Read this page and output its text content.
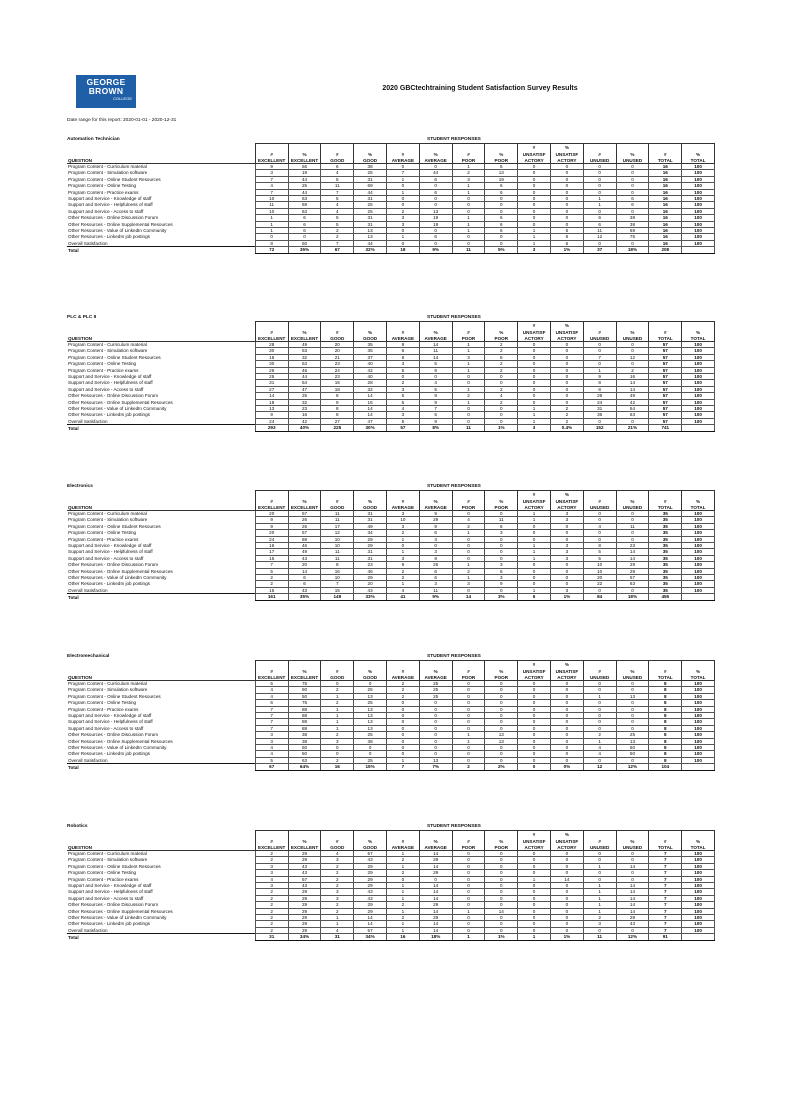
GEORGE
BROWN
COLLEGE
2020 GBCtechtraining Student Satisfaction Survey Results
Date range for this report: 2020-01-01 - 2020-12-31
Automation Technician	STUDENT RESPONSES
									#	%				
	#	%	#	%	#	%	#	%	UNSATISF	UNSATISF	#	%	#	%
QUESTION	EXCELLENT	EXCELLENT	GOOD	GOOD	AVERAGE	AVERAGE	POOR	POOR	ACTORY	ACTORY	UNUSED	UNUSED	TOTAL	TOTAL
Program Content - Curriculum material	9	56	6	38	0	0	1	6	0	0	0	0	16	100
Program Content - Simulation software	3	19	4	25	7	44	2	13	0	0	0	0	16	100
Program Content - Online Student Resources	7	44	5	31	1	6	3	19	0	0	0	0	16	100
Program Content - Online Testing	4	25	11	69	0	0	1	6	0	0	0	0	16	100
Program Content - Practice exams	7	44	7	44	1	6	1	6	0	0	0	0	16	100
Support and Service - Knowledge of staff	10	63	5	31	0	0	0	0	0	0	1	6	16	100
Support and Service - Helpfulness of staff	11	69	4	25	0	0	0	0	0	0	1	6	16	100
Support and Service - Access to staff	10	63	4	25	2	13	0	0	0	0	0	0	16	100
Other Resources - Online Discussion Forum	1	6	5	31	3	19	1	6	0	0	6	38	16	100
Other Resources - Online Supplemental Resources	1	6	5	31	3	19	1	6	0	0	6	38	16	100
Other Resources - Value of LinkedIn Community	1	6	2	13	0	0	1	6	1	6	11	69	16	100
Other Resources - LinkedIn job postings	0	0	2	13	1	6	0	0	1	6	12	75	16	100
Overall Satisfaction	8	50	7	44	0	0	0	0	1	6	0	0	16	100
Total	72	35%	67	32%	18	9%	11	5%	3	1%	37	18%	208	
PLC & PLC II	STUDENT RESPONSES
									#	%				
	#	%	#	%	#	%	#	%	UNSATISF	UNSATISF	#	%	#	%
QUESTION	EXCELLENT	EXCELLENT	GOOD	GOOD	AVERAGE	AVERAGE	POOR	POOR	ACTORY	ACTORY	UNUSED	UNUSED	TOTAL	TOTAL
Program Content - Curriculum material	28	49	20	35	8	14	1	2	0	0	0	0	57	100
Program Content - Simulation software	30	53	20	35	6	11	1	2	0	0	0	0	57	100
Program Content - Online Student Resources	18	32	21	37	8	14	3	5	0	0	7	12	57	100
Program Content - Online Testing	30	53	23	40	3	5	1	2	0	0	0	0	57	100
Program Content - Practice exams	26	46	24	42	5	9	1	2	0	0	1	2	57	100
Support and Service - Knowledge of staff	25	44	23	40	0	0	0	0	0	0	9	16	57	100
Support and Service - Helpfulness of staff	31	54	16	28	2	4	0	0	0	0	8	14	57	100
Support and Service - Access to staff	27	47	18	32	3	5	1	2	0	0	8	14	57	100
Other Resources - Online Discussion Forum	14	25	8	14	5	9	2	4	0	0	28	49	57	100
Other Resources - Online Supplemental Resources	18	32	9	16	5	9	1	2	0	0	24	42	57	100
Other Resources - Value of LinkedIn Community	13	23	8	14	4	7	0	0	1	2	31	54	57	100
Other Resources - LinkedIn job postings	9	16	8	14	3	5	0	0	1	2	36	63	57	100
Overall Satisfaction	24	42	27	47	5	9	0	0	1	2	0	0	57	100
Total	293	40%	225	30%	57	8%	11	1%	3	0.4%	152	21%	741	
Electronics	STUDENT RESPONSES
									#	%				
	#	%	#	%	#	%	#	%	UNSATISF	UNSATISF	#	%	#	%
QUESTION	EXCELLENT	EXCELLENT	GOOD	GOOD	AVERAGE	AVERAGE	POOR	POOR	ACTORY	ACTORY	UNUSED	UNUSED	TOTAL	TOTAL
Program Content - Curriculum material	20	57	11	31	3	9	0	0	1	3	0	0	35	100
Program Content - Simulation software	9	26	11	31	10	29	4	11	1	3	0	0	35	100
Program Content - Online Student Resources	9	26	17	49	3	9	2	6	0	0	4	11	35	100
Program Content - Online Testing	20	57	12	34	2	6	1	3	0	0	0	0	35	100
Program Content - Practice exams	24	69	10	29	1	3	0	0	0	0	0	0	35	100
Support and Service - Knowledge of staff	16	46	10	29	0	0	0	0	1	3	8	23	35	100
Support and Service - Helpfulness of staff	17	49	11	31	1	3	0	0	1	3	5	14	35	100
Support and Service - Access to staff	15	43	11	31	3	9	0	0	1	3	5	14	35	100
Other Resources - Online Discussion Forum	7	20	8	23	9	26	1	3	0	0	10	29	35	100
Other Resources - Online Supplemental Resources	5	14	16	46	2	6	2	6	0	0	10	29	35	100
Other Resources - Value of LinkedIn Community	2	6	10	29	2	6	1	3	0	0	20	57	35	100
Other Resources - LinkedIn job postings	2	6	7	20	1	3	3	9	0	0	22	63	35	100
Overall Satisfaction	15	43	15	43	4	11	0	0	1	3	0	0	35	100
Total	161	35%	149	33%	41	9%	14	3%	6	1%	84	18%	455	
Electromechanical	STUDENT RESPONSES
									#	%				
	#	%	#	%	#	%	#	%	UNSATISF	UNSATISF	#	%	#	%
QUESTION	EXCELLENT	EXCELLENT	GOOD	GOOD	AVERAGE	AVERAGE	POOR	POOR	ACTORY	ACTORY	UNUSED	UNUSED	TOTAL	TOTAL
Program Content - Curriculum material	6	75	0	0	2	25	0	0	0	0	0	0	8	100
Program Content - Simulation software	4	50	2	25	2	25	0	0	0	0	0	0	8	100
Program Content - Online Student Resources	4	50	1	13	2	25	0	0	0	0	1	13	8	100
Program Content - Online Testing	6	75	2	25	0	0	0	0	0	0	0	0	8	100
Program Content - Practice exams	7	88	1	13	0	0	0	0	0	0	0	0	8	100
Support and Service - Knowledge of staff	7	88	1	13	0	0	0	0	0	0	0	0	8	100
Support and Service - Helpfulness of staff	7	88	1	13	0	0	0	0	0	0	0	0	8	100
Support and Service - Access to staff	7	88	1	13	0	0	0	0	0	0	0	0	8	100
Other Resources - Online Discussion Forum	3	38	2	25	0	0	1	13	0	0	2	25	8	100
Other Resources - Online Supplemental Resources	3	38	3	38	0	0	1	13	0	0	1	13	8	100
Other Resources - Value of LinkedIn Community	4	50	0	0	0	0	0	0	0	0	4	50	8	100
Other Resources - LinkedIn job postings	4	50	0	0	0	0	0	0	0	0	4	50	8	100
Overall Satisfaction	5	63	2	25	1	13	0	0	0	0	0	0	8	100
Total	67	64%	16	15%	7	7%	2	2%	0	0%	12	12%	104	
Robotics	STUDENT RESPONSES
									#	%				
	#	%	#	%	#	%	#	%	UNSATISF	UNSATISF	#	%	#	%
QUESTION	EXCELLENT	EXCELLENT	GOOD	GOOD	AVERAGE	AVERAGE	POOR	POOR	ACTORY	ACTORY	UNUSED	UNUSED	TOTAL	TOTAL
Program Content - Curriculum material	2	29	4	57	1	14	0	0	0	0	0	0	7	100
Program Content - Simulation software	2	29	3	43	2	29	0	0	0	0	0	0	7	100
Program Content - Online Student Resources	3	43	2	29	1	14	0	0	0	0	1	14	7	100
Program Content - Online Testing	3	43	2	29	2	29	0	0	0	0	0	0	7	100
Program Content - Practice exams	4	57	2	29	0	0	0	0	1	14	0	0	7	100
Support and Service - Knowledge of staff	3	43	2	29	1	14	0	0	0	0	1	14	7	100
Support and Service - Helpfulness of staff	2	29	3	43	1	14	0	0	0	0	1	14	7	100
Support and Service - Access to staff	2	29	3	43	1	14	0	0	0	0	1	14	7	100
Other Resources - Online Discussion Forum	2	29	2	29	2	29	0	0	0	0	1	14	7	100
Other Resources - Online Supplemental Resources	2	29	2	29	1	14	1	14	0	0	1	14	7	100
Other Resources - Value of LinkedIn Community	2	29	1	14	2	29	0	0	0	0	2	29	7	100
Other Resources - LinkedIn job postings	2	29	1	14	1	14	0	0	0	0	3	43	7	100
Overall Satisfaction	2	29	4	57	1	14	0	0	0	0	0	0	7	100
Total	31	34%	31	34%	16	18%	1	1%	1	1%	11	12%	91	
